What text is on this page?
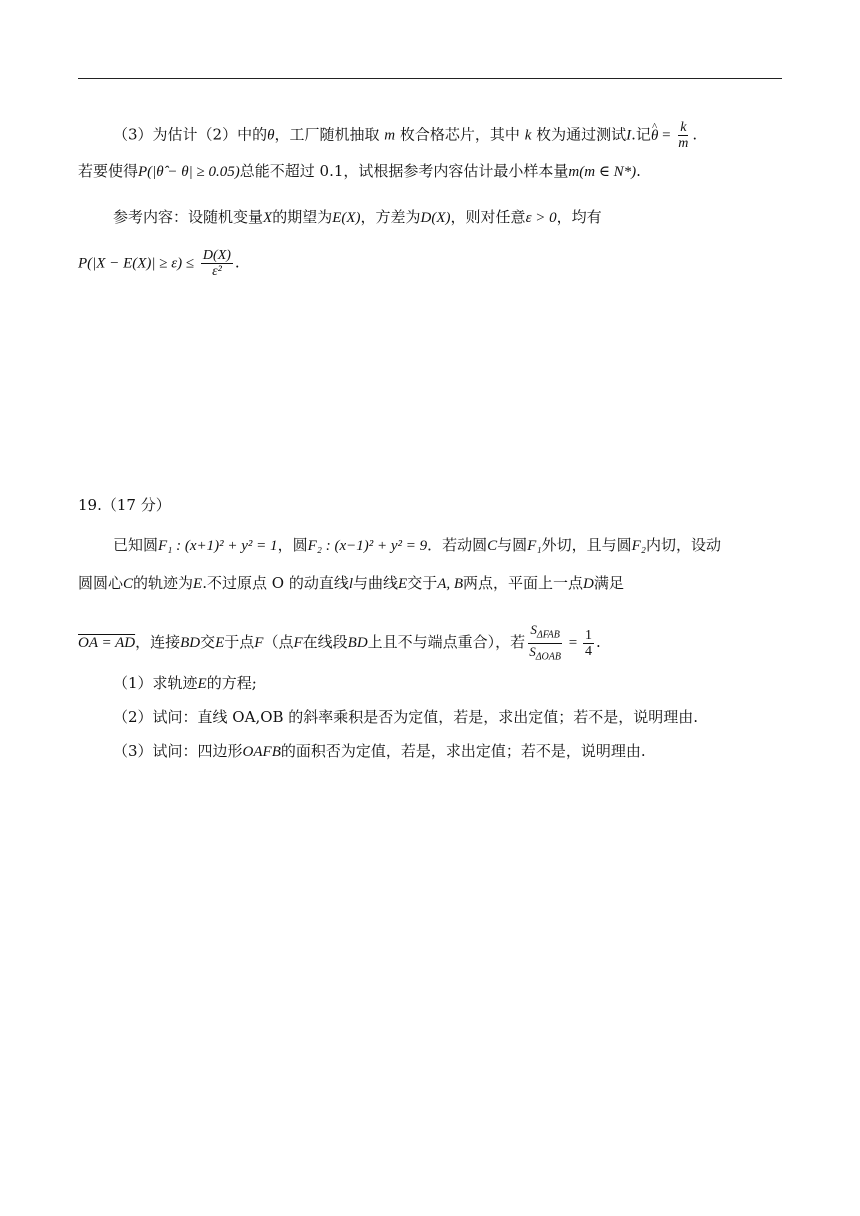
（3）为估计（2）中的θ，工厂随机抽取 m 枚合格芯片，其中 k 枚为通过测试I.记^ $\theta = \frac{k}{m}$ .
若要使得P(|θ̂ − θ| ≥ 0.05)总能不超过 0.1，试根据参考内容估计最小样本量m(m ∈ N*).
参考内容：设随机变量X的期望为E(X)，方差为D(X)，则对任意ε > 0，均有
$P(|X - E(X)| \ge \varepsilon) \le \frac{D(X)}{\text{ε²}}$ .
19.（17 分）
已知圆F₁ : (x+1)² + y² = 1，圆F₂ : (x−1)² + y² = 9．若动圆C与圆F₁外切，且与圆F₂内切，设动
圆圆心C的轨迹为E.不过原点 O 的动直线l与曲线E交于A, B两点，平面上一点D满足
OA = AD，连接BD交E于点F（点F在线段BD上且不与端点重合），若 $\frac{S_{\Delta FAB}}{S_{\Delta OAB}} = \frac{1}{4}$ .
（1）求轨迹E的方程;
（2）试问：直线 OA,OB 的斜率乘积是否为定值，若是，求出定值；若不是，说明理由.
（3）试问：四边形OAFB的面积否为定值，若是，求出定值；若不是，说明理由.
